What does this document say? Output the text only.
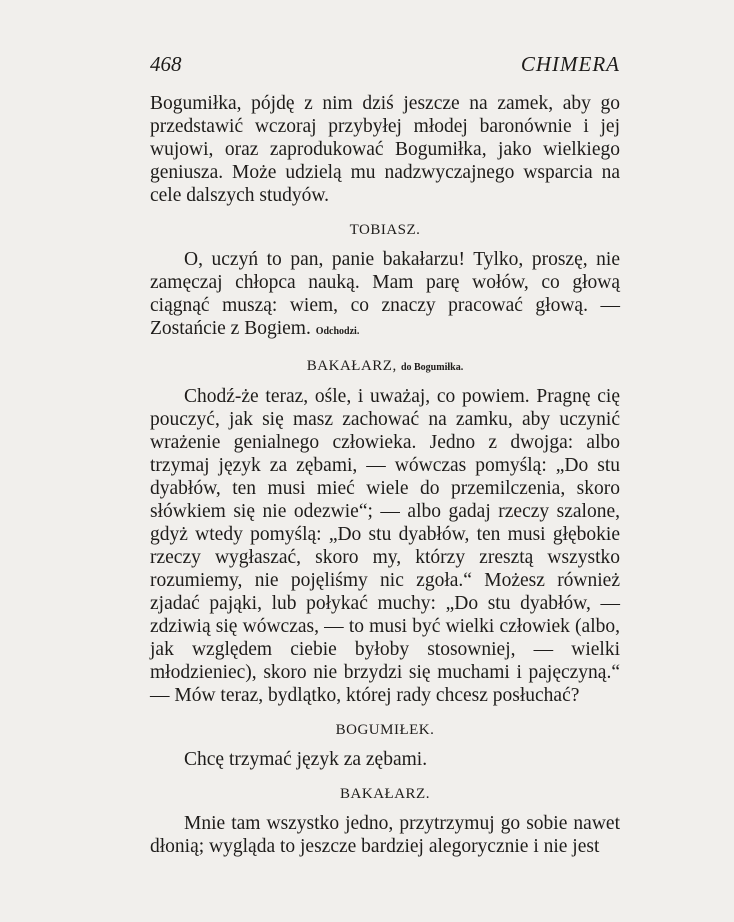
468	CHIMERA

Bogumiłka, pójdę z nim dziś jeszcze na zamek, aby go przedstawić wczoraj przybyłej młodej baronównie i jej wujowi, oraz zaprodukować Bogumiłka, jako wielkiego geniusza. Może udzielą mu nadzwyczajnego wsparcia na cele dalszych studyów.

TOBIASZ.

O, uczyń to pan, panie bakałarzu! Tylko, proszę, nie zamęczaj chłopca nauką. Mam parę wołów, co głową ciągnąć muszą: wiem, co znaczy pracować głową. — Zostańcie z Bogiem. Odchodzi.

BAKAŁARZ, do Bogumiłka.

Chodź-że teraz, ośle, i uważaj, co powiem. Pragnę cię pouczyć, jak się masz zachować na zamku, aby uczynić wrażenie genialnego człowieka. Jedno z dwojga: albo trzymaj język za zębami, — wówczas pomyślą: „Do stu dyabłów, ten musi mieć wiele do przemilczenia, skoro słówkiem się nie odezwie“; — albo gadaj rzeczy szalone, gdyż wtedy pomyślą: „Do stu dyabłów, ten musi głębokie rzeczy wygłaszać, skoro my, którzy zresztą wszystko rozumiemy, nie pojęliśmy nic zgoła.“ Możesz również zjadać pająki, lub połykać muchy: „Do stu dyabłów, — zdziwią się wówczas, — to musi być wielki człowiek (albo, jak względem ciebie byłoby stosowniej, — wielki młodzieniec), skoro nie brzydzi się muchami i pajęczyną.“ — Mów teraz, bydlątko, której rady chcesz posłuchać?

BOGUMIŁEK.

Chcę trzymać język za zębami.

BAKAŁARZ.

Mnie tam wszystko jedno, przytrzymuj go sobie nawet dłonią; wygląda to jeszcze bardziej alegorycznie i nie jest
